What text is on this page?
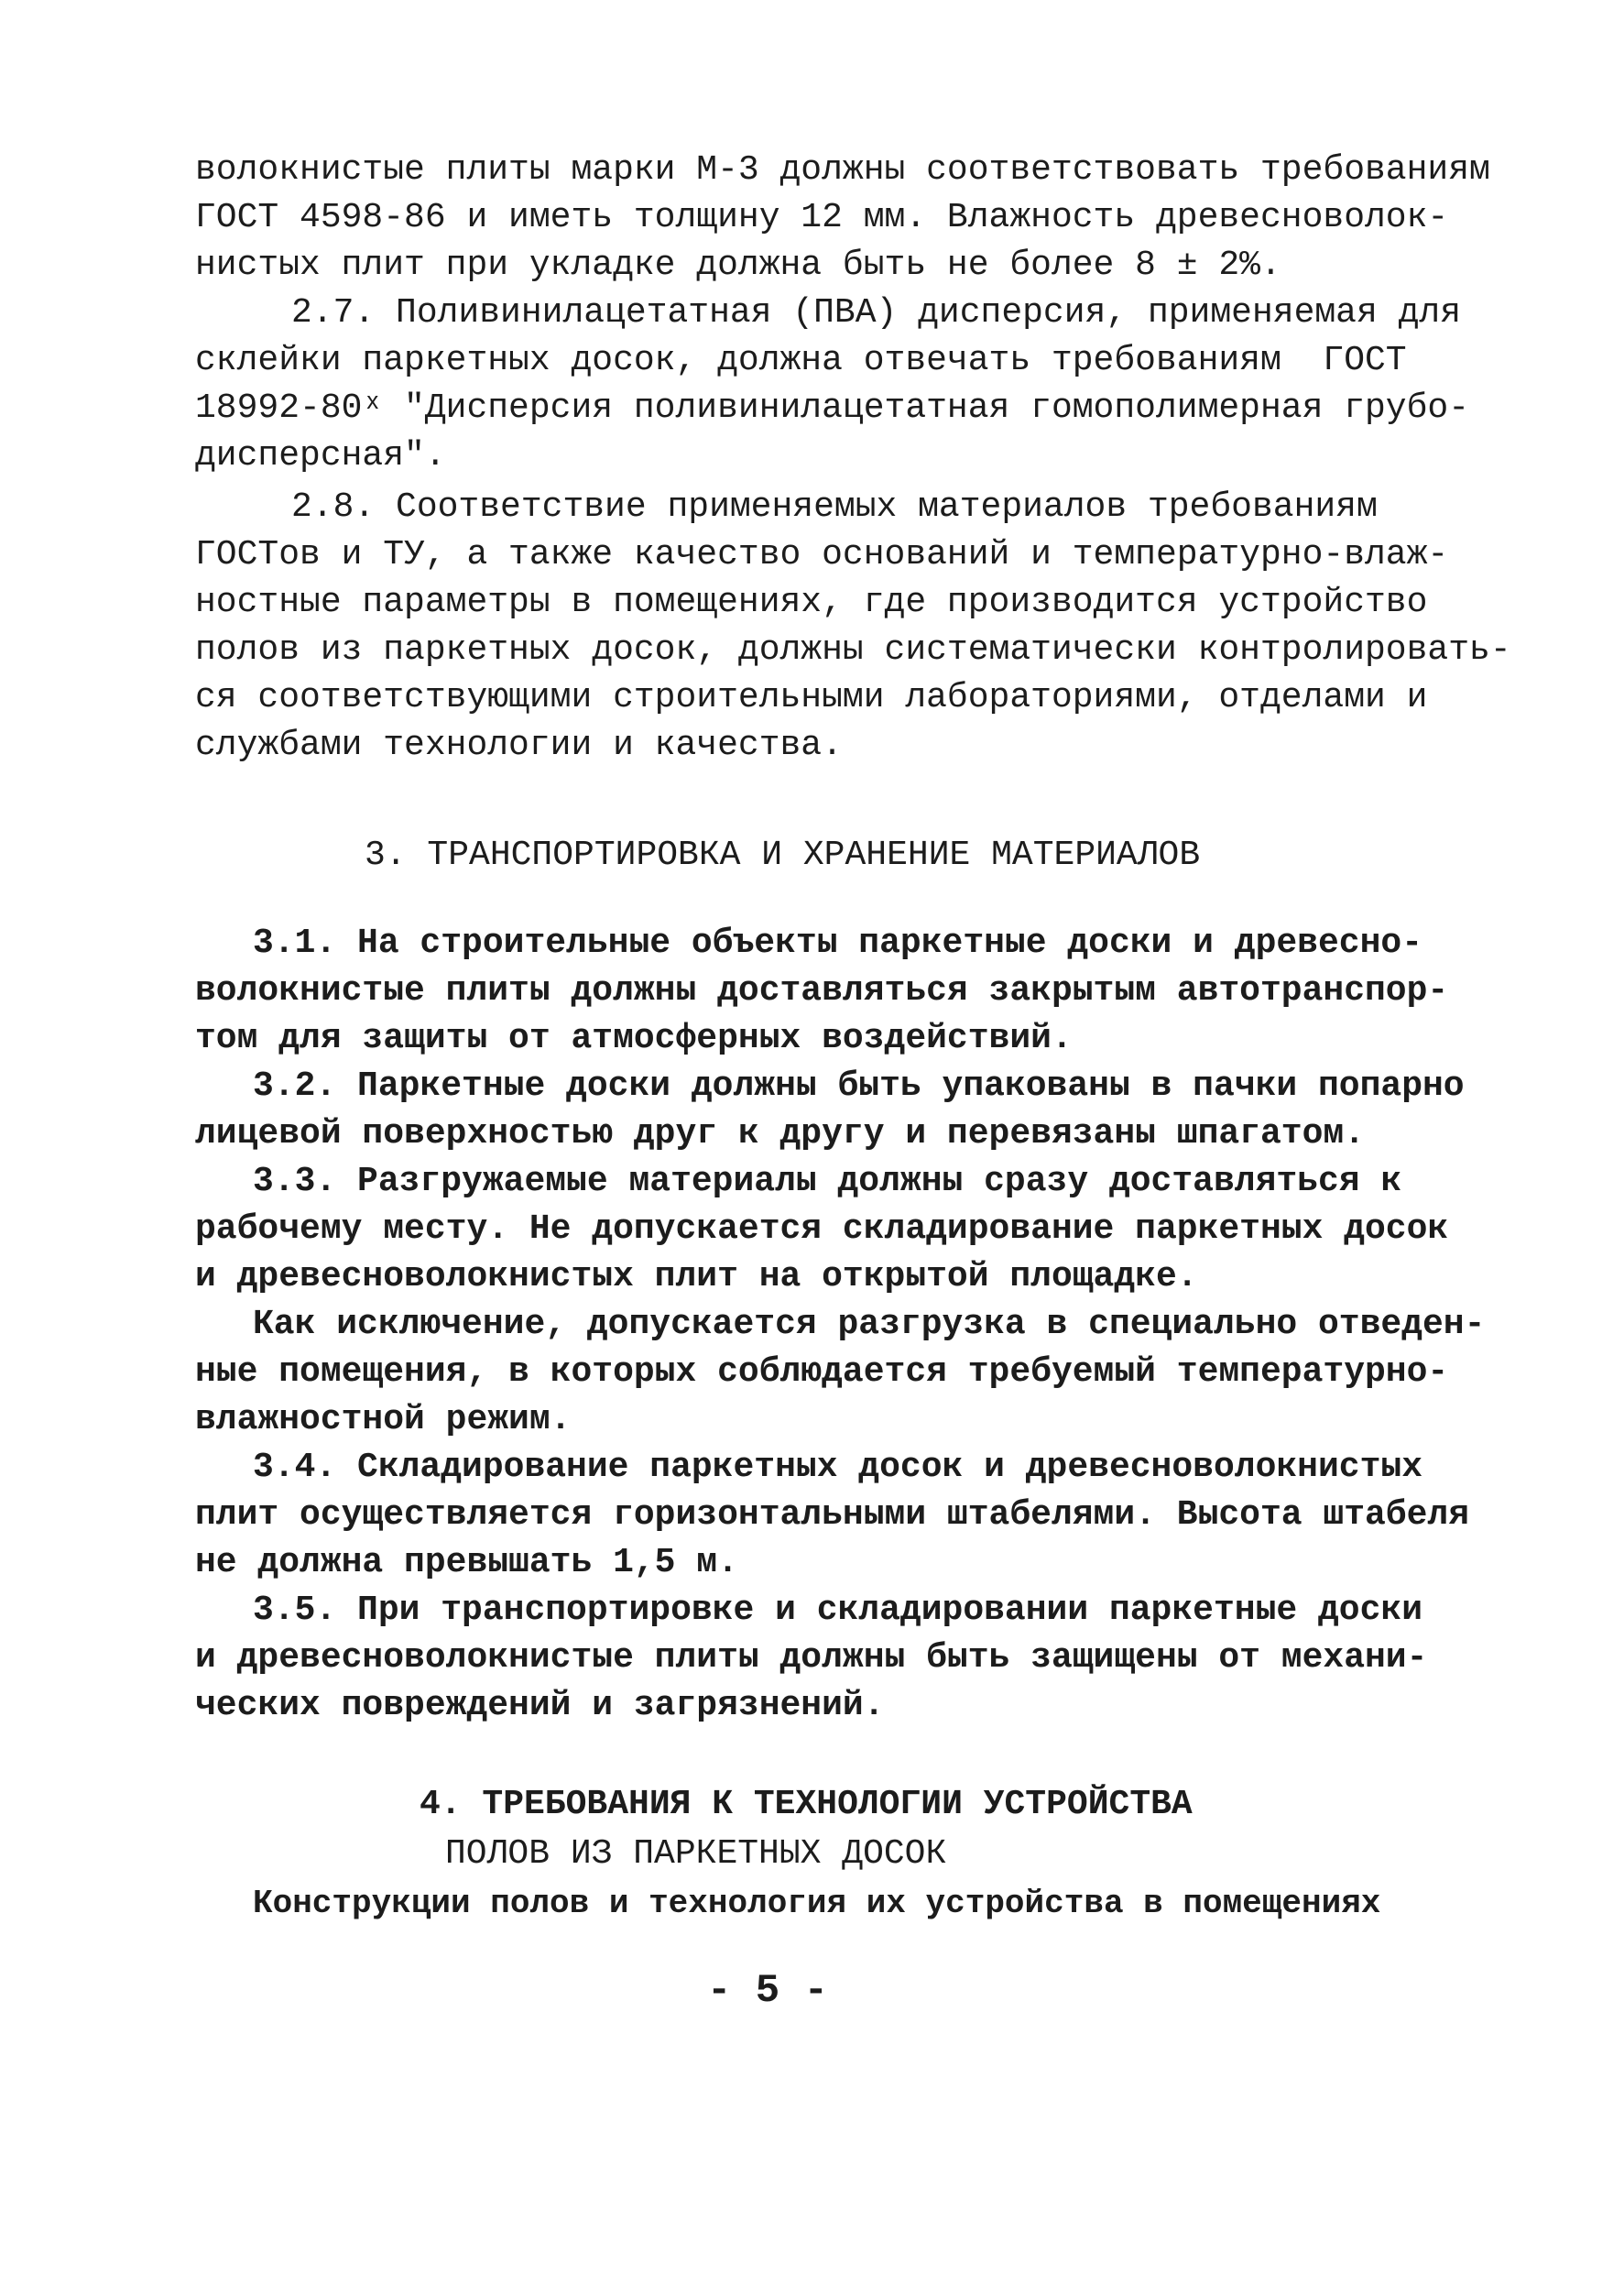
волокнистые плиты марки М-3 должны соответствовать требованиям
ГОСТ 4598-86 и иметь толщину 12 мм. Влажность древесноволок-
нистых плит при укладке должна быть не более 8 ± 2%.
2.7. Поливинилацетатная (ПВА) дисперсия, применяемая для
склейки паркетных досок, должна отвечать требованиям  ГОСТ
18992-80ˣ "Дисперсия поливинилацетатная гомополимерная грубо-
дисперсная".
2.8. Соответствие применяемых материалов требованиям
ГОСТов и ТУ, а также качество оснований и температурно-влаж-
ностные параметры в помещениях, где производится устройство
полов из паркетных досок, должны систематически контролировать-
ся соответствующими строительными лабораториями, отделами и
службами технологии и качества.
3. ТРАНСПОРТИРОВКА И ХРАНЕНИЕ МАТЕРИАЛОВ
3.1. На строительные объекты паркетные доски и древесно-
волокнистые плиты должны доставляться закрытым автотранспор-
том для защиты от атмосферных воздействий.
3.2. Паркетные доски должны быть упакованы в пачки попарно
лицевой поверхностью друг к другу и перевязаны шпагатом.
3.3. Разгружаемые материалы должны сразу доставляться к
рабочему месту. Не допускается складирование паркетных досок
и древесноволокнистых плит на открытой площадке.
Как исключение, допускается разгрузка в специально отведен-
ные помещения, в которых соблюдается требуемый температурно-
влажностной режим.
3.4. Складирование паркетных досок и древесноволокнистых
плит осуществляется горизонтальными штабелями. Высота штабеля
не должна превышать 1,5 м.
3.5. При транспортировке и складировании паркетные доски
и древесноволокнистые плиты должны быть защищены от механи-
ческих повреждений и загрязнений.
4. ТРЕБОВАНИЯ К ТЕХНОЛОГИИ УСТРОЙСТВА
ПОЛОВ ИЗ ПАРКЕТНЫХ ДОСОК
Конструкции полов и технология их устройства в помещениях
- 5 -
